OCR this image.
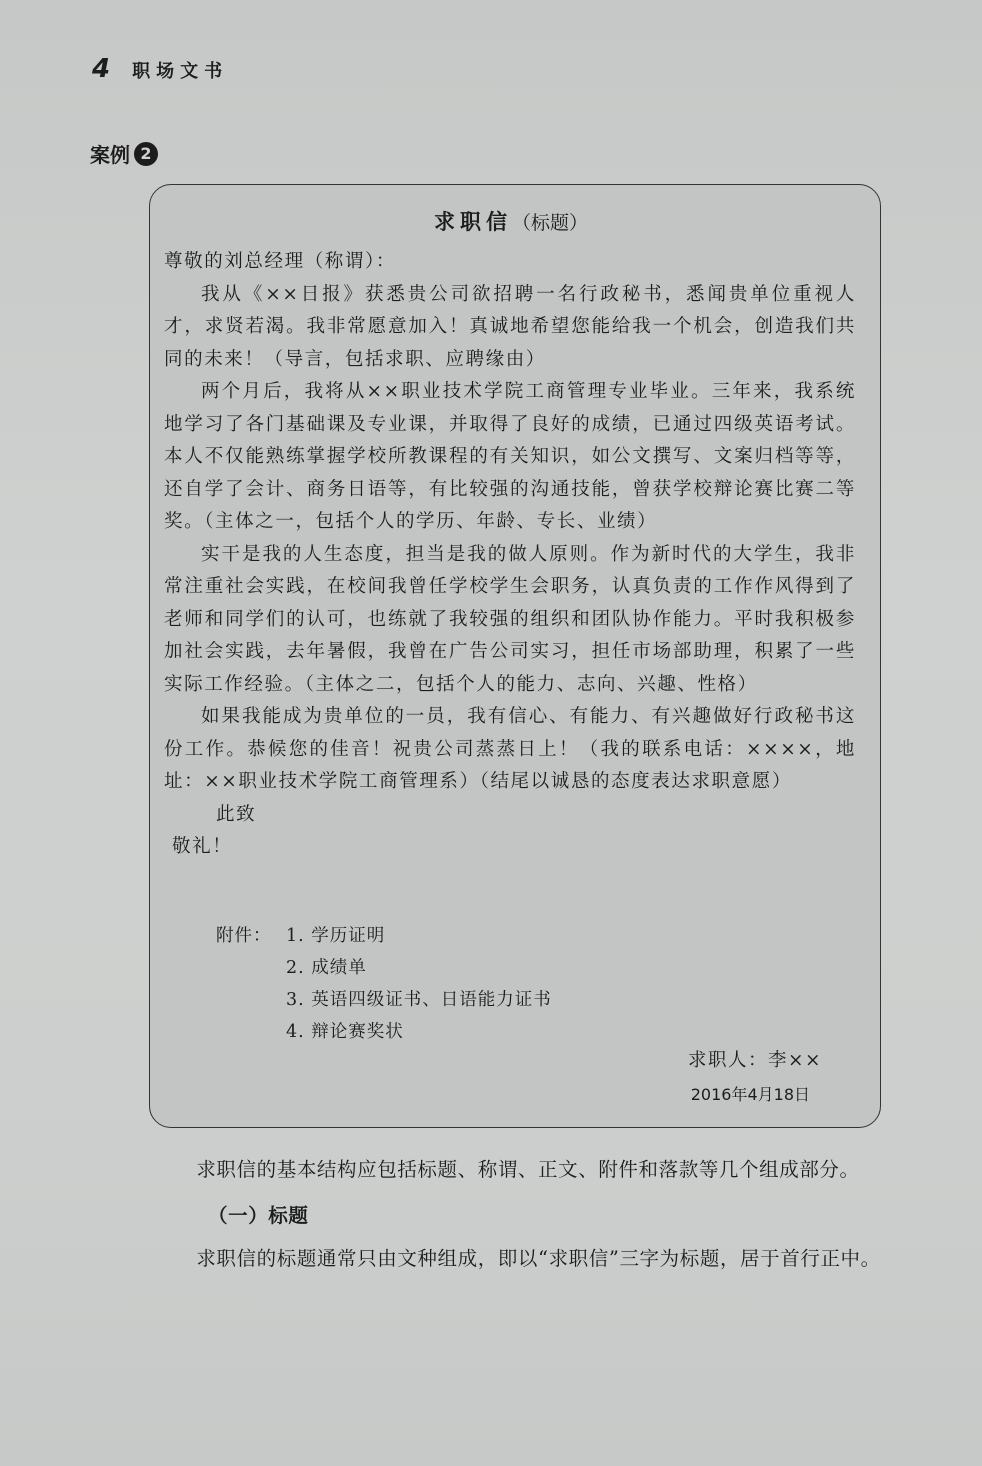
4 职场文书
案例 2
求职信（标题）

尊敬的刘总经理（称谓）：

我从《××日报》获悉贵公司欲招聘一名行政秘书，悉闻贵单位重视人才，求贤若渴。我非常愿意加入！真诚地希望您能给我一个机会，创造我们共同的未来！（导言，包括求职、应聘缘由）

两个月后，我将从××职业技术学院工商管理专业毕业。三年来，我系统地学习了各门基础课及专业课，并取得了良好的成绩，已通过四级英语考试。本人不仅能熟练掌握学校所教课程的有关知识，如公文撰写、文案归档等等，还自学了会计、商务日语等，有比较强的沟通技能，曾获学校辩论赛比赛二等奖。（主体之一，包括个人的学历、年龄、专长、业绩）

实干是我的人生态度，担当是我的做人原则。作为新时代的大学生，我非常注重社会实践，在校间我曾任学校学生会职务，认真负责的工作作风得到了老师和同学们的认可，也练就了我较强的组织和团队协作能力。平时我积极参加社会实践，去年暑假，我曾在广告公司实习，担任市场部助理，积累了一些实际工作经验。（主体之二，包括个人的能力、志向、兴趣、性格）

如果我能成为贵单位的一员，我有信心、有能力、有兴趣做好行政秘书这份工作。恭候您的佳音！祝贵公司蒸蒸日上！（我的联系电话：××××，地址：××职业技术学院工商管理系）（结尾以诚恳的态度表达求职意愿）

此致

敬礼！

附件： 1. 学历证明
2. 成绩单
3. 英语四级证书、日语能力证书
4. 辩论赛奖状
求职人：李××
2016年4月18日

求职信的基本结构应包括标题、称谓、正文、附件和落款等几个组成部分。

（一）标题

求职信的标题通常只由文种组成，即以“求职信”三字为标题，居于首行正中。
